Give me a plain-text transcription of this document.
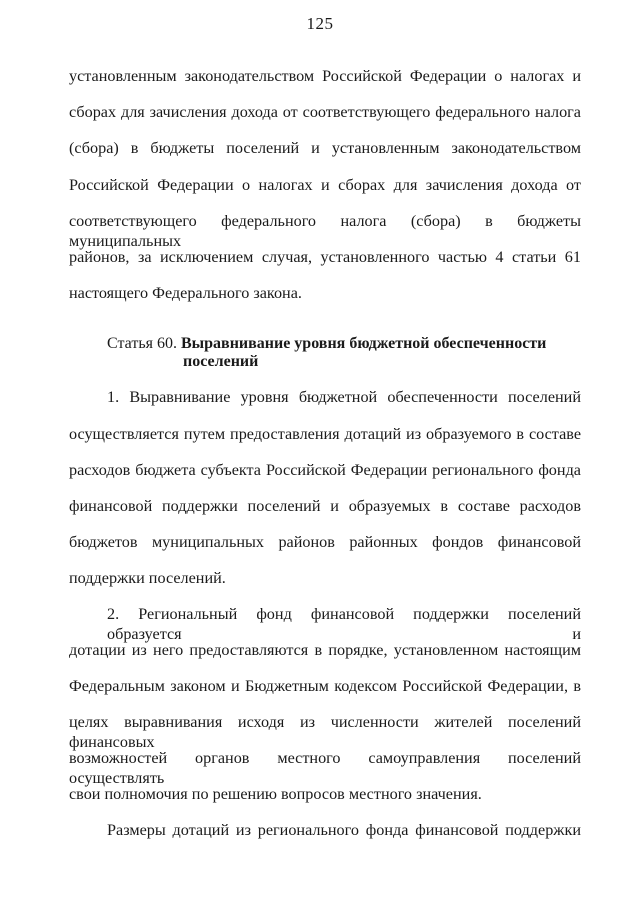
125
установленным законодательством Российской Федерации о налогах и
сборах для зачисления дохода от соответствующего федерального налога
(сбора) в бюджеты поселений и установленным законодательством
Российской Федерации о налогах и сборах для зачисления дохода от
соответствующего федерального налога (сбора) в бюджеты муниципальных
районов, за исключением случая, установленного частью 4 статьи 61
настоящего Федерального закона.
Статья 60. Выравнивание уровня бюджетной обеспеченности
поселений
1. Выравнивание уровня бюджетной обеспеченности поселений
осуществляется путем предоставления дотаций из образуемого в составе
расходов бюджета субъекта Российской Федерации регионального фонда
финансовой поддержки поселений и образуемых в составе расходов
бюджетов муниципальных районов районных фондов финансовой
поддержки поселений.
2. Региональный фонд финансовой поддержки поселений образуется и
дотации из него предоставляются в порядке, установленном настоящим
Федеральным законом и Бюджетным кодексом Российской Федерации, в
целях выравнивания исходя из численности жителей поселений финансовых
возможностей органов местного самоуправления поселений осуществлять
свои полномочия по решению вопросов местного значения.
Размеры дотаций из регионального фонда финансовой поддержки
